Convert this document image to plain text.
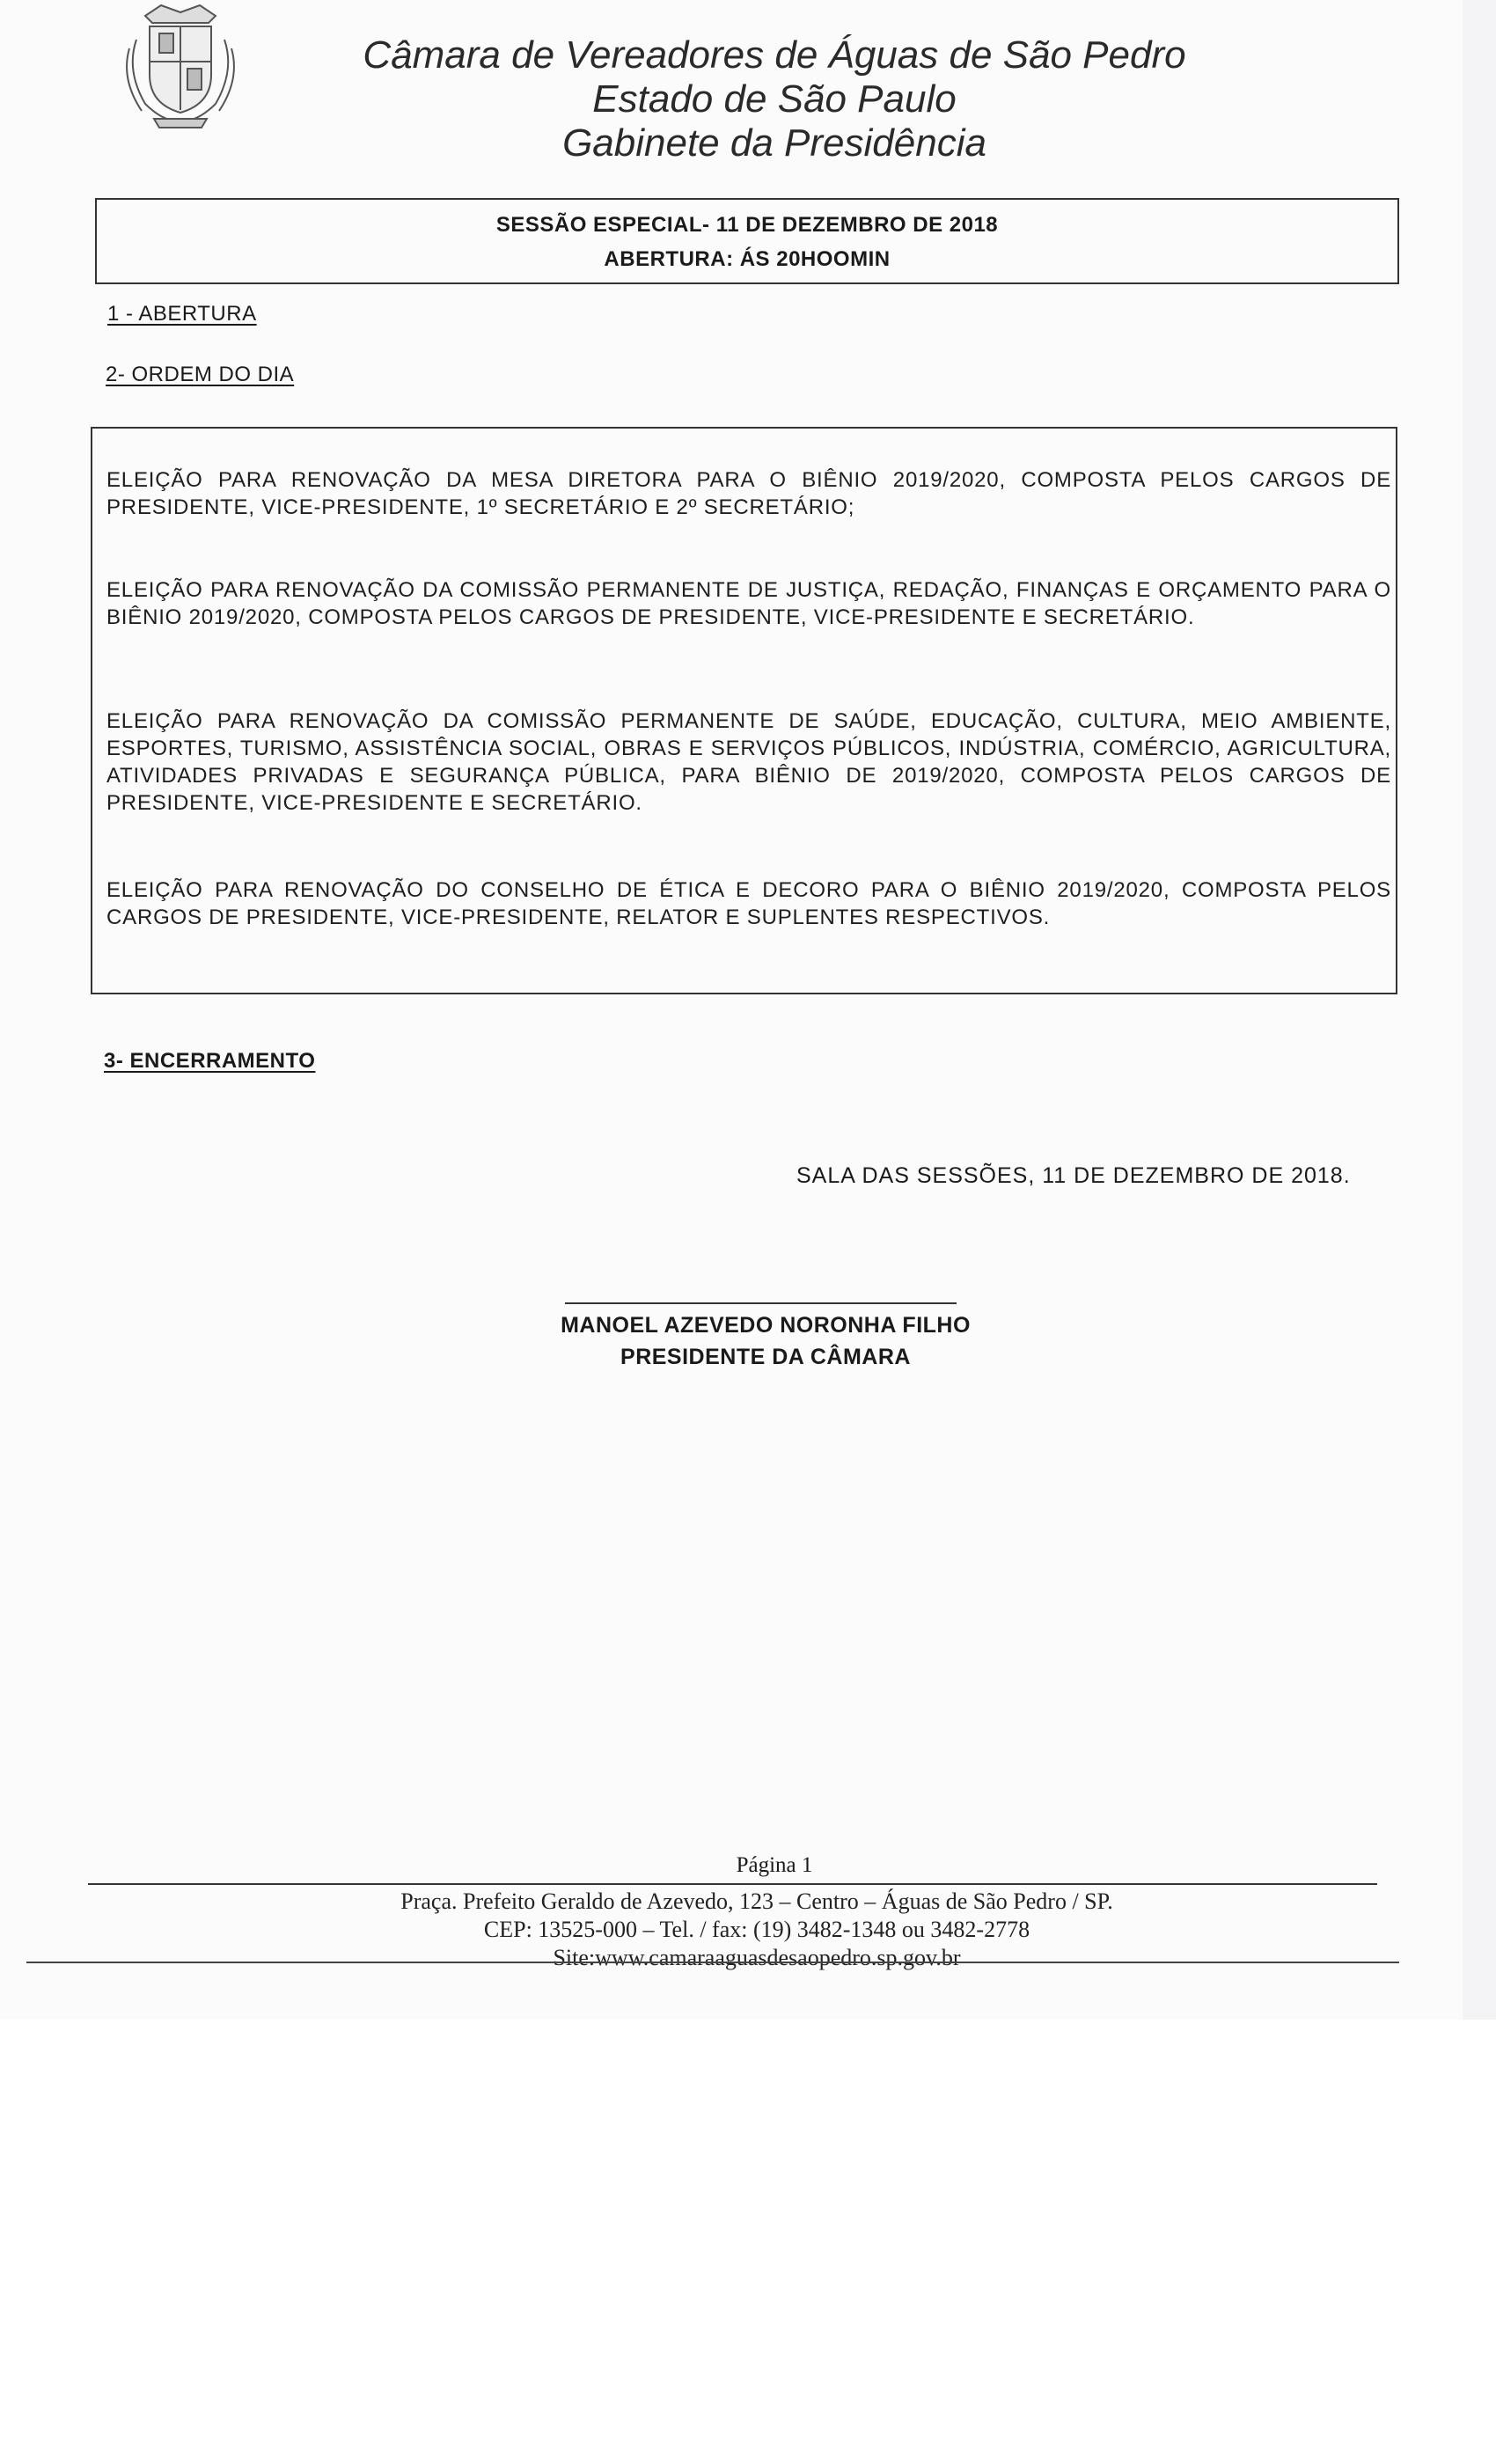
Câmara de Vereadores de Águas de São Pedro
Estado de São Paulo
Gabinete da Presidência
SESSÃO ESPECIAL- 11 DE DEZEMBRO DE 2018
ABERTURA: ÁS 20HOOMIN
1 - ABERTURA
2- ORDEM DO DIA
ELEIÇÃO PARA RENOVAÇÃO DA MESA DIRETORA PARA O BIÊNIO 2019/2020, COMPOSTA PELOS CARGOS DE PRESIDENTE, VICE-PRESIDENTE, 1º SECRETÁRIO E 2º SECRETÁRIO;
ELEIÇÃO PARA RENOVAÇÃO DA COMISSÃO PERMANENTE DE JUSTIÇA, REDAÇÃO, FINANÇAS E ORÇAMENTO PARA O BIÊNIO 2019/2020, COMPOSTA PELOS CARGOS DE PRESIDENTE, VICE-PRESIDENTE E SECRETÁRIO.
ELEIÇÃO PARA RENOVAÇÃO DA COMISSÃO PERMANENTE DE SAÚDE, EDUCAÇÃO, CULTURA, MEIO AMBIENTE, ESPORTES, TURISMO, ASSISTÊNCIA SOCIAL, OBRAS E SERVIÇOS PÚBLICOS, INDÚSTRIA, COMÉRCIO, AGRICULTURA, ATIVIDADES PRIVADAS E SEGURANÇA PÚBLICA, PARA BIÊNIO DE 2019/2020, COMPOSTA PELOS CARGOS DE PRESIDENTE, VICE-PRESIDENTE E SECRETÁRIO.
ELEIÇÃO PARA RENOVAÇÃO DO CONSELHO DE ÉTICA E DECORO PARA O BIÊNIO 2019/2020, COMPOSTA PELOS CARGOS DE PRESIDENTE, VICE-PRESIDENTE, RELATOR E SUPLENTES RESPECTIVOS.
3- ENCERRAMENTO
SALA DAS SESSÕES, 11 DE DEZEMBRO DE 2018.
MANOEL AZEVEDO NORONHA FILHO
PRESIDENTE DA CÂMARA
Página 1
Praça. Prefeito Geraldo de Azevedo, 123 – Centro – Águas de São Pedro / SP.
CEP: 13525-000 – Tel. / fax: (19) 3482-1348 ou 3482-2778
Site:www.camaraaguasdesaopedro.sp.gov.br
